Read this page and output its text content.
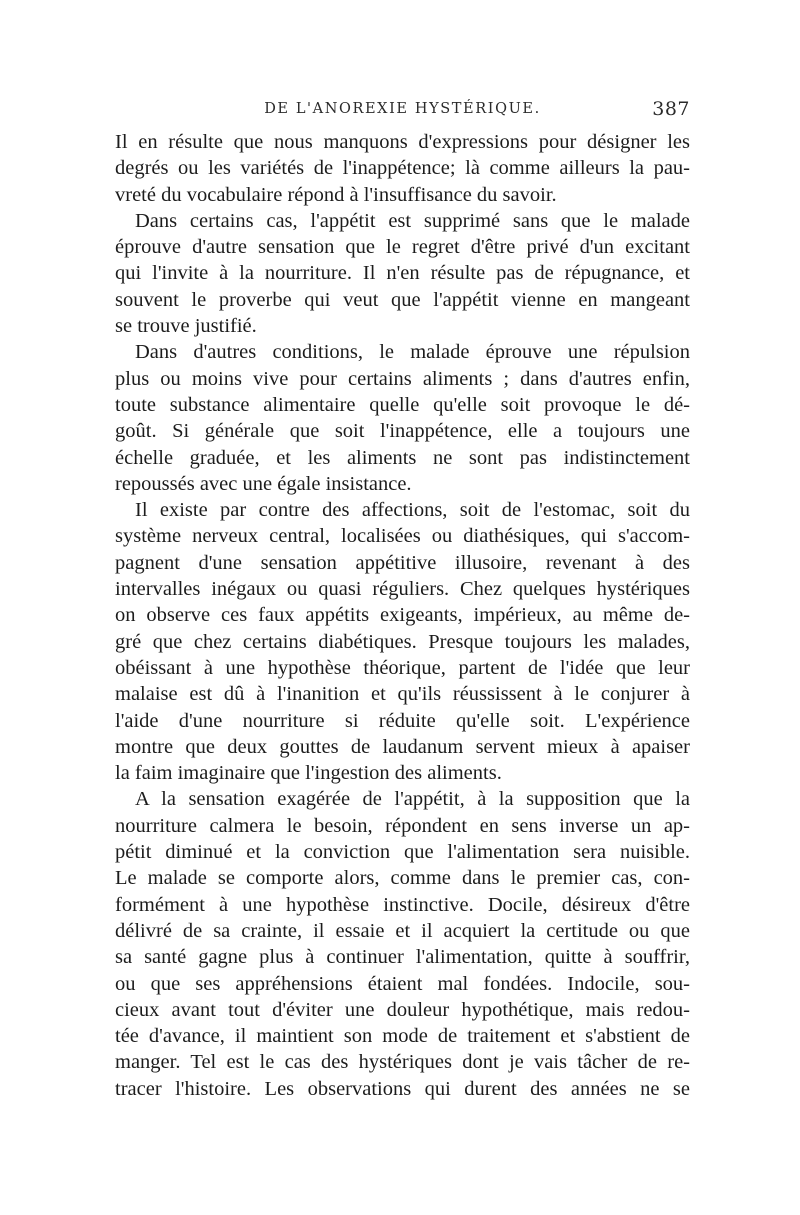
DE L'ANOREXIE HYSTÉRIQUE.	387

Il en résulte que nous manquons d'expressions pour désigner les
degrés ou les variétés de l'inappétence; là comme ailleurs la pau-
vreté du vocabulaire répond à l'insuffisance du savoir.

Dans certains cas, l'appétit est supprimé sans que le malade
éprouve d'autre sensation que le regret d'être privé d'un excitant
qui l'invite à la nourriture. Il n'en résulte pas de répugnance, et
souvent le proverbe qui veut que l'appétit vienne en mangeant
se trouve justifié.

Dans d'autres conditions, le malade éprouve une répulsion
plus ou moins vive pour certains aliments ; dans d'autres enfin,
toute substance alimentaire quelle qu'elle soit provoque le dé-
goût. Si générale que soit l'inappétence, elle a toujours une
échelle graduée, et les aliments ne sont pas indistinctement
repoussés avec une égale insistance.

Il existe par contre des affections, soit de l'estomac, soit du
système nerveux central, localisées ou diathésiques, qui s'accom-
pagnent d'une sensation appétitive illusoire, revenant à des
intervalles inégaux ou quasi réguliers. Chez quelques hystériques
on observe ces faux appétits exigeants, impérieux, au même de-
gré que chez certains diabétiques. Presque toujours les malades,
obéissant à une hypothèse théorique, partent de l'idée que leur
malaise est dû à l'inanition et qu'ils réussissent à le conjurer à
l'aide d'une nourriture si réduite qu'elle soit. L'expérience
montre que deux gouttes de laudanum servent mieux à apaiser
la faim imaginaire que l'ingestion des aliments.

A la sensation exagérée de l'appétit, à la supposition que la
nourriture calmera le besoin, répondent en sens inverse un ap-
pétit diminué et la conviction que l'alimentation sera nuisible.
Le malade se comporte alors, comme dans le premier cas, con-
formément à une hypothèse instinctive. Docile, désireux d'être
délivré de sa crainte, il essaie et il acquiert la certitude ou que
sa santé gagne plus à continuer l'alimentation, quitte à souffrir,
ou que ses appréhensions étaient mal fondées. Indocile, sou-
cieux avant tout d'éviter une douleur hypothétique, mais redou-
tée d'avance, il maintient son mode de traitement et s'abstient de
manger. Tel est le cas des hystériques dont je vais tâcher de re-
tracer l'histoire. Les observations qui durent des années ne se
